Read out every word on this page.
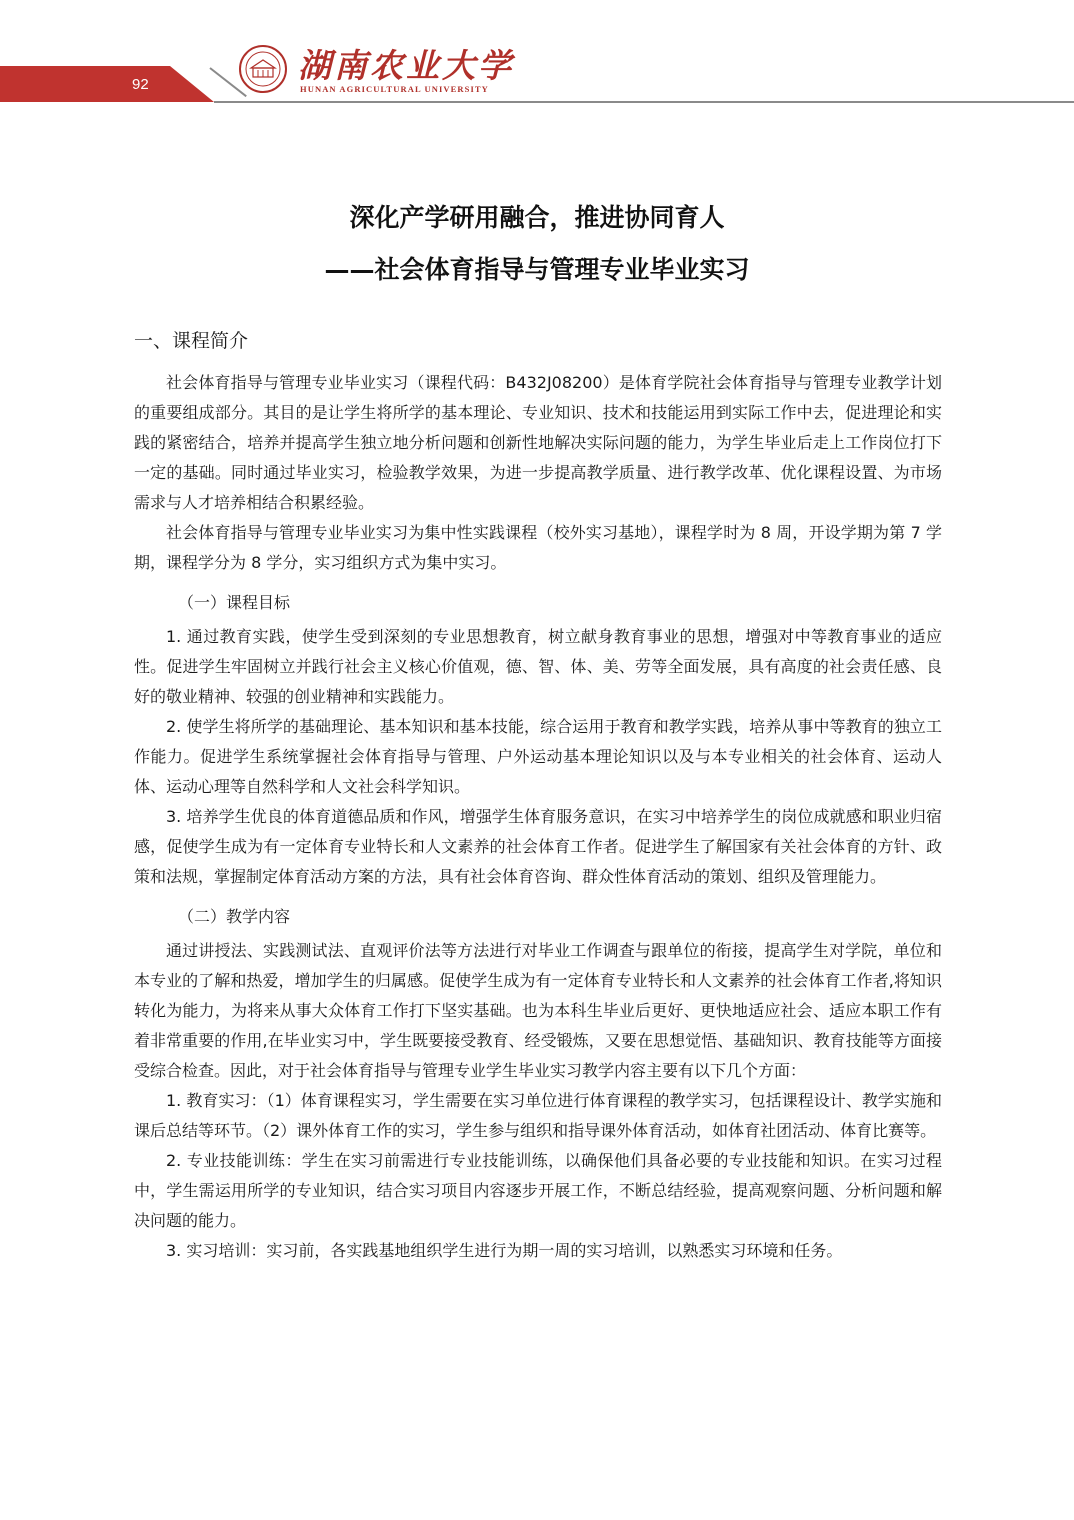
92	湖南农业大学
HUNAN AGRICULTURAL UNIVERSITY
深化产学研用融合，推进协同育人
——社会体育指导与管理专业毕业实习
一、课程简介

社会体育指导与管理专业毕业实习（课程代码：B432J08200）是体育学院社会体育指导与管理专业教学计划的重要组成部分。其目的是让学生将所学的基本理论、专业知识、技术和技能运用到实际工作中去，促进理论和实践的紧密结合，培养并提高学生独立地分析问题和创新性地解决实际问题的能力，为学生毕业后走上工作岗位打下一定的基础。同时通过毕业实习，检验教学效果，为进一步提高教学质量、进行教学改革、优化课程设置、为市场需求与人才培养相结合积累经验。

社会体育指导与管理专业毕业实习为集中性实践课程（校外实习基地），课程学时为 8 周，开设学期为第 7 学期，课程学分为 8 学分，实习组织方式为集中实习。

（一）课程目标

1. 通过教育实践，使学生受到深刻的专业思想教育，树立献身教育事业的思想，增强对中等教育事业的适应性。促进学生牢固树立并践行社会主义核心价值观，德、智、体、美、劳等全面发展，具有高度的社会责任感、良好的敬业精神、较强的创业精神和实践能力。

2. 使学生将所学的基础理论、基本知识和基本技能，综合运用于教育和教学实践，培养从事中等教育的独立工作能力。促进学生系统掌握社会体育指导与管理、户外运动基本理论知识以及与本专业相关的社会体育、运动人体、运动心理等自然科学和人文社会科学知识。

3. 培养学生优良的体育道德品质和作风，增强学生体育服务意识，在实习中培养学生的岗位成就感和职业归宿感，促使学生成为有一定体育专业特长和人文素养的社会体育工作者。促进学生了解国家有关社会体育的方针、政策和法规，掌握制定体育活动方案的方法，具有社会体育咨询、群众性体育活动的策划、组织及管理能力。

（二）教学内容

通过讲授法、实践测试法、直观评价法等方法进行对毕业工作调查与跟单位的衔接，提高学生对学院，单位和本专业的了解和热爱，增加学生的归属感。促使学生成为有一定体育专业特长和人文素养的社会体育工作者,将知识转化为能力，为将来从事大众体育工作打下坚实基础。也为本科生毕业后更好、更快地适应社会、适应本职工作有着非常重要的作用,在毕业实习中，学生既要接受教育、经受锻炼，又要在思想觉悟、基础知识、教育技能等方面接受综合检查。因此，对于社会体育指导与管理专业学生毕业实习教学内容主要有以下几个方面：

1. 教育实习：（1）体育课程实习，学生需要在实习单位进行体育课程的教学实习，包括课程设计、教学实施和课后总结等环节。（2）课外体育工作的实习，学生参与组织和指导课外体育活动，如体育社团活动、体育比赛等。

2. 专业技能训练：学生在实习前需进行专业技能训练，以确保他们具备必要的专业技能和知识。在实习过程中，学生需运用所学的专业知识，结合实习项目内容逐步开展工作，不断总结经验，提高观察问题、分析问题和解决问题的能力。

3. 实习培训：实习前，各实践基地组织学生进行为期一周的实习培训，以熟悉实习环境和任务。
